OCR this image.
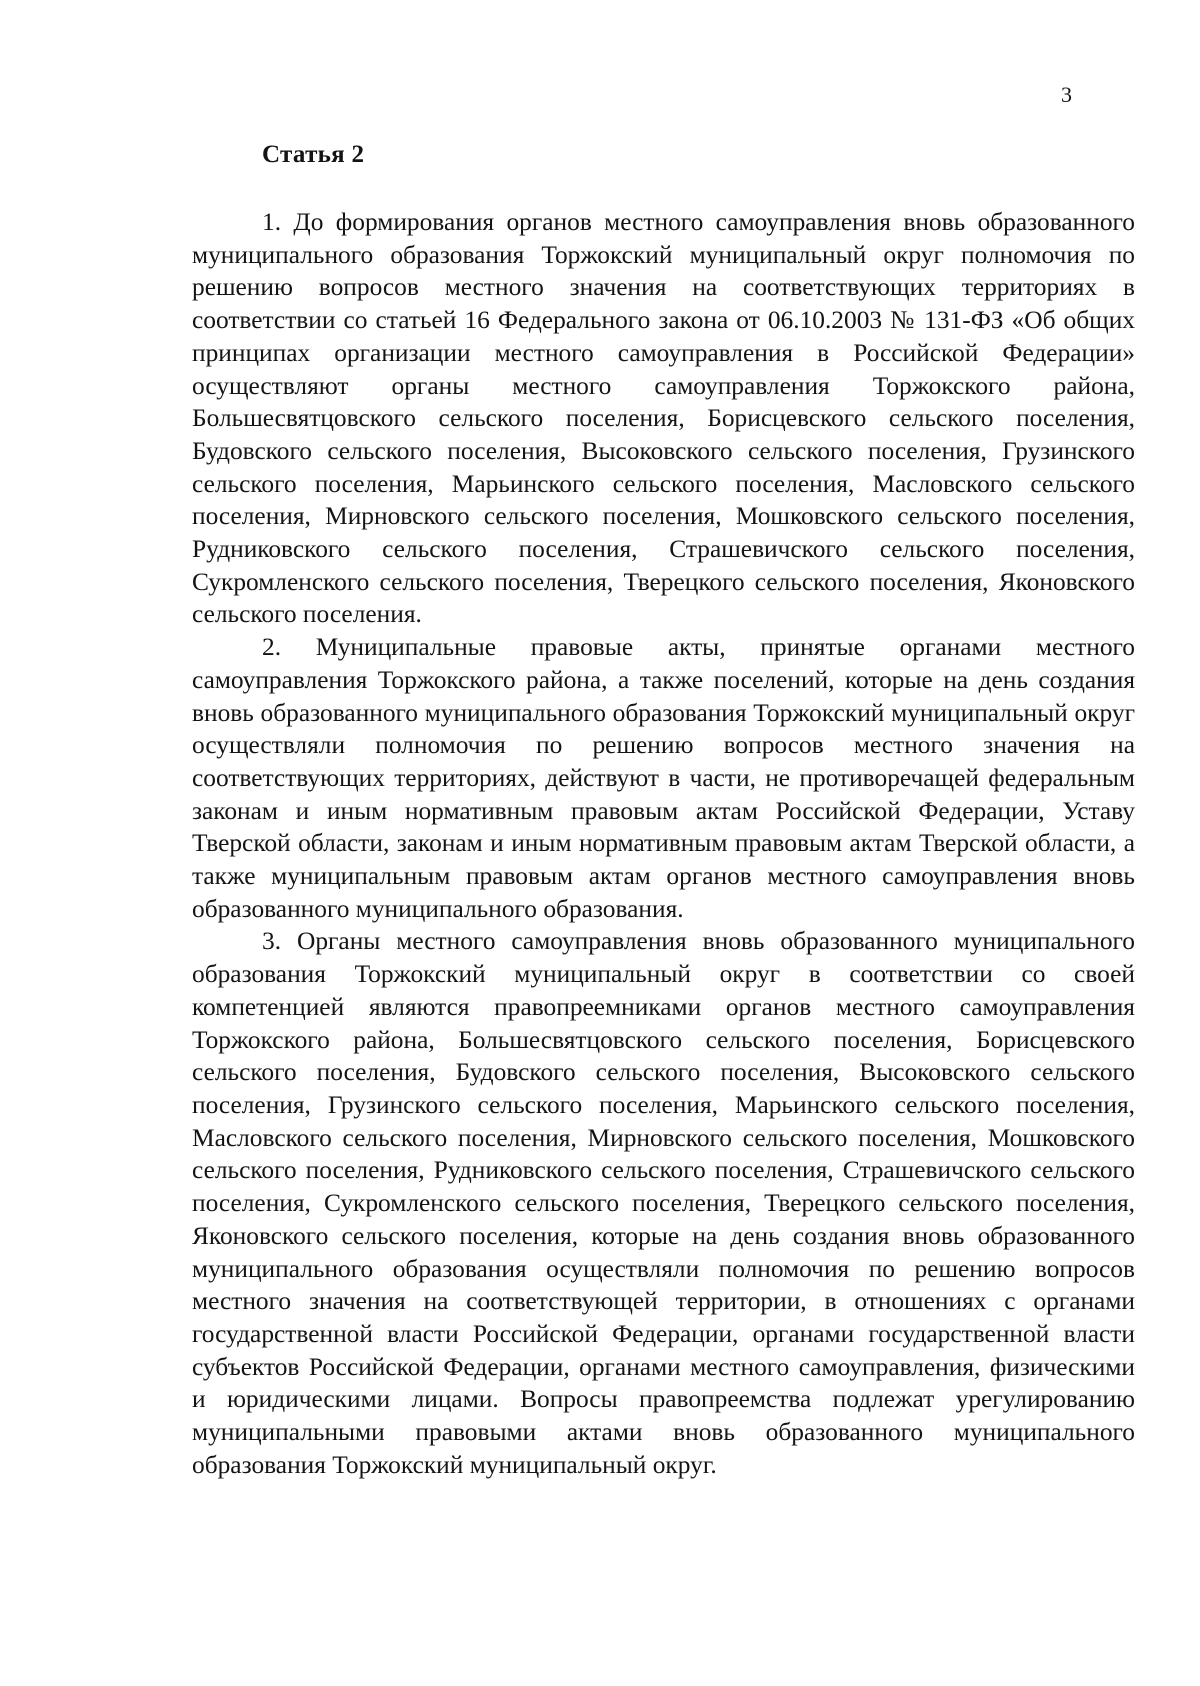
3
Статья 2

1. До формирования органов местного самоуправления вновь образованного муниципального образования Торжокский муниципальный округ полномочия по решению вопросов местного значения на соответствующих территориях в соответствии со статьей 16 Федерального закона от 06.10.2003 № 131-ФЗ «Об общих принципах организации местного самоуправления в Российской Федерации» осуществляют органы местного самоуправления Торжокского района, Большесвятцовского сельского поселения, Борисцевского сельского поселения, Будовского сельского поселения, Высоковского сельского поселения, Грузинского сельского поселения, Марьинского сельского поселения, Масловского сельского поселения, Мирновского сельского поселения, Мошковского сельского поселения, Рудниковского сельского поселения, Страшевичского сельского поселения, Сукромленского сельского поселения, Тверецкого сельского поселения, Яконовского сельского поселения.

2. Муниципальные правовые акты, принятые органами местного самоуправления Торжокского района, а также поселений, которые на день создания вновь образованного муниципального образования Торжокский муниципальный округ осуществляли полномочия по решению вопросов местного значения на соответствующих территориях, действуют в части, не противоречащей федеральным законам и иным нормативным правовым актам Российской Федерации, Уставу Тверской области, законам и иным нормативным правовым актам Тверской области, а также муниципальным правовым актам органов местного самоуправления вновь образованного муниципального образования.

3. Органы местного самоуправления вновь образованного муниципального образования Торжокский муниципальный округ в соответствии со своей компетенцией являются правопреемниками органов местного самоуправления Торжокского района, Большесвятцовского сельского поселения, Борисцевского сельского поселения, Будовского сельского поселения, Высоковского сельского поселения, Грузинского сельского поселения, Марьинского сельского поселения, Масловского сельского поселения, Мирновского сельского поселения, Мошковского сельского поселения, Рудниковского сельского поселения, Страшевичского сельского поселения, Сукромленского сельского поселения, Тверецкого сельского поселения, Яконовского сельского поселения, которые на день создания вновь образованного муниципального образования осуществляли полномочия по решению вопросов местного значения на соответствующей территории, в отношениях с органами государственной власти Российской Федерации, органами государственной власти субъектов Российской Федерации, органами местного самоуправления, физическими и юридическими лицами. Вопросы правопреемства подлежат урегулированию муниципальными правовыми актами вновь образованного муниципального образования Торжокский муниципальный округ.
